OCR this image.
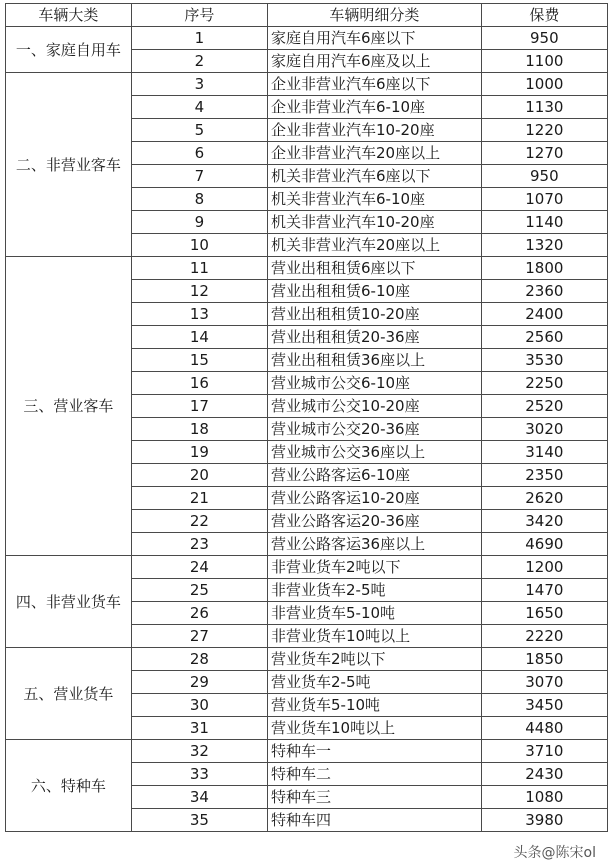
车辆大类	序号	车辆明细分类	保费
一、家庭自用车	1	家庭自用汽车6座以下	950
	2	家庭自用汽车6座及以上	1100
二、非营业客车	3	企业非营业汽车6座以下	1000
	4	企业非营业汽车6-10座	1130
	5	企业非营业汽车10-20座	1220
	6	企业非营业汽车20座以上	1270
	7	机关非营业汽车6座以下	950
	8	机关非营业汽车6-10座	1070
	9	机关非营业汽车10-20座	1140
	10	机关非营业汽车20座以上	1320
三、营业客车	11	营业出租租赁6座以下	1800
	12	营业出租租赁6-10座	2360
	13	营业出租租赁10-20座	2400
	14	营业出租租赁20-36座	2560
	15	营业出租租赁36座以上	3530
	16	营业城市公交6-10座	2250
	17	营业城市公交10-20座	2520
	18	营业城市公交20-36座	3020
	19	营业城市公交36座以上	3140
	20	营业公路客运6-10座	2350
	21	营业公路客运10-20座	2620
	22	营业公路客运20-36座	3420
	23	营业公路客运36座以上	4690
四、非营业货车	24	非营业货车2吨以下	1200
	25	非营业货车2-5吨	1470
	26	非营业货车5-10吨	1650
	27	非营业货车10吨以上	2220
五、营业货车	28	营业货车2吨以下	1850
	29	营业货车2-5吨	3070
	30	营业货车5-10吨	3450
	31	营业货车10吨以上	4480
六、特种车	32	特种车一	3710
	33	特种车二	2430
	34	特种车三	1080
	35	特种车四	3980
头条@陈宋ol
